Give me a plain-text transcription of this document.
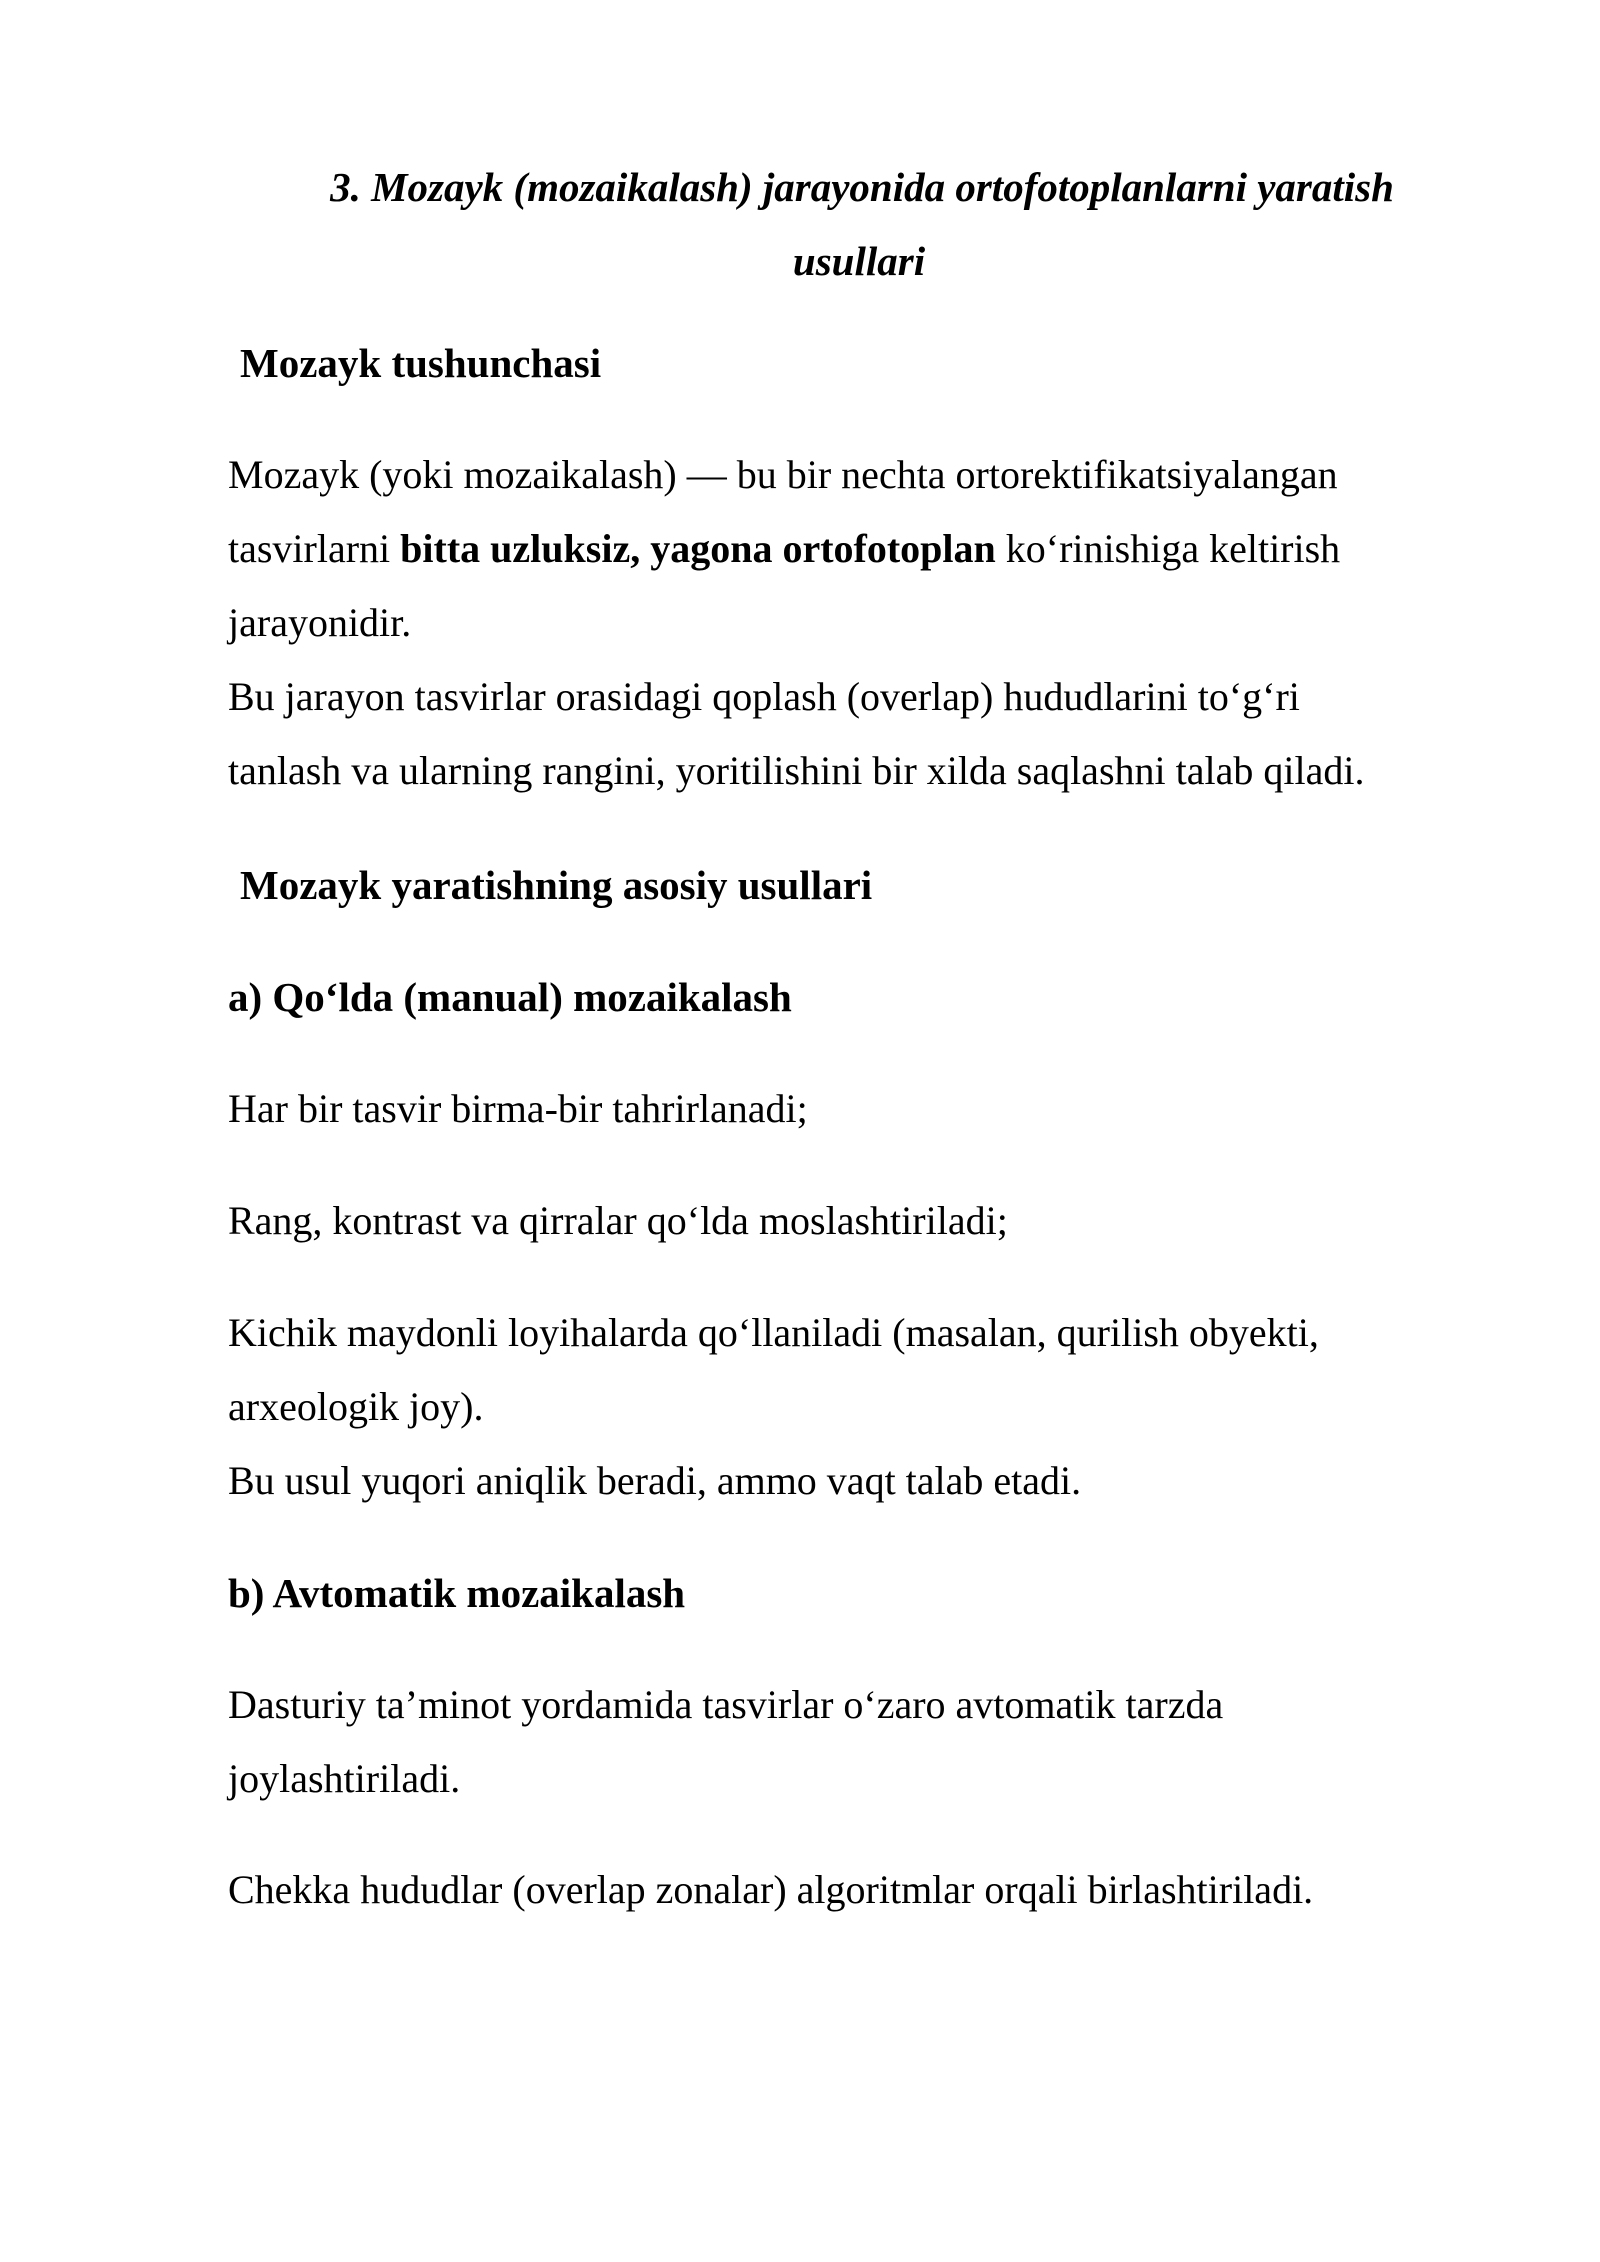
3. Mozayk (mozaikalash) jarayonida ortofotoplanlarni yaratish
usullari
Mozayk tushunchasi
Mozayk (yoki mozaikalash) — bu bir nechta ortorektifikatsiyalangan
tasvirlarni bitta uzluksiz, yagona ortofotoplan ko‘rinishiga keltirish
jarayonidir.
Bu jarayon tasvirlar orasidagi qoplash (overlap) hududlarini to‘g‘ri
tanlash va ularning rangini, yoritilishini bir xilda saqlashni talab qiladi.
Mozayk yaratishning asosiy usullari
a) Qo‘lda (manual) mozaikalash

Har bir tasvir birma-bir tahrirlanadi;

Rang, kontrast va qirralar qo‘lda moslashtiriladi;

Kichik maydonli loyihalarda qo‘llaniladi (masalan, qurilish obyekti,
arxeologik joy).
Bu usul yuqori aniqlik beradi, ammo vaqt talab etadi.
b) Avtomatik mozaikalash
Dasturiy ta’minot yordamida tasvirlar o‘zaro avtomatik tarzda
joylashtiriladi.

Chekka hududlar (overlap zonalar) algoritmlar orqali birlashtiriladi.
